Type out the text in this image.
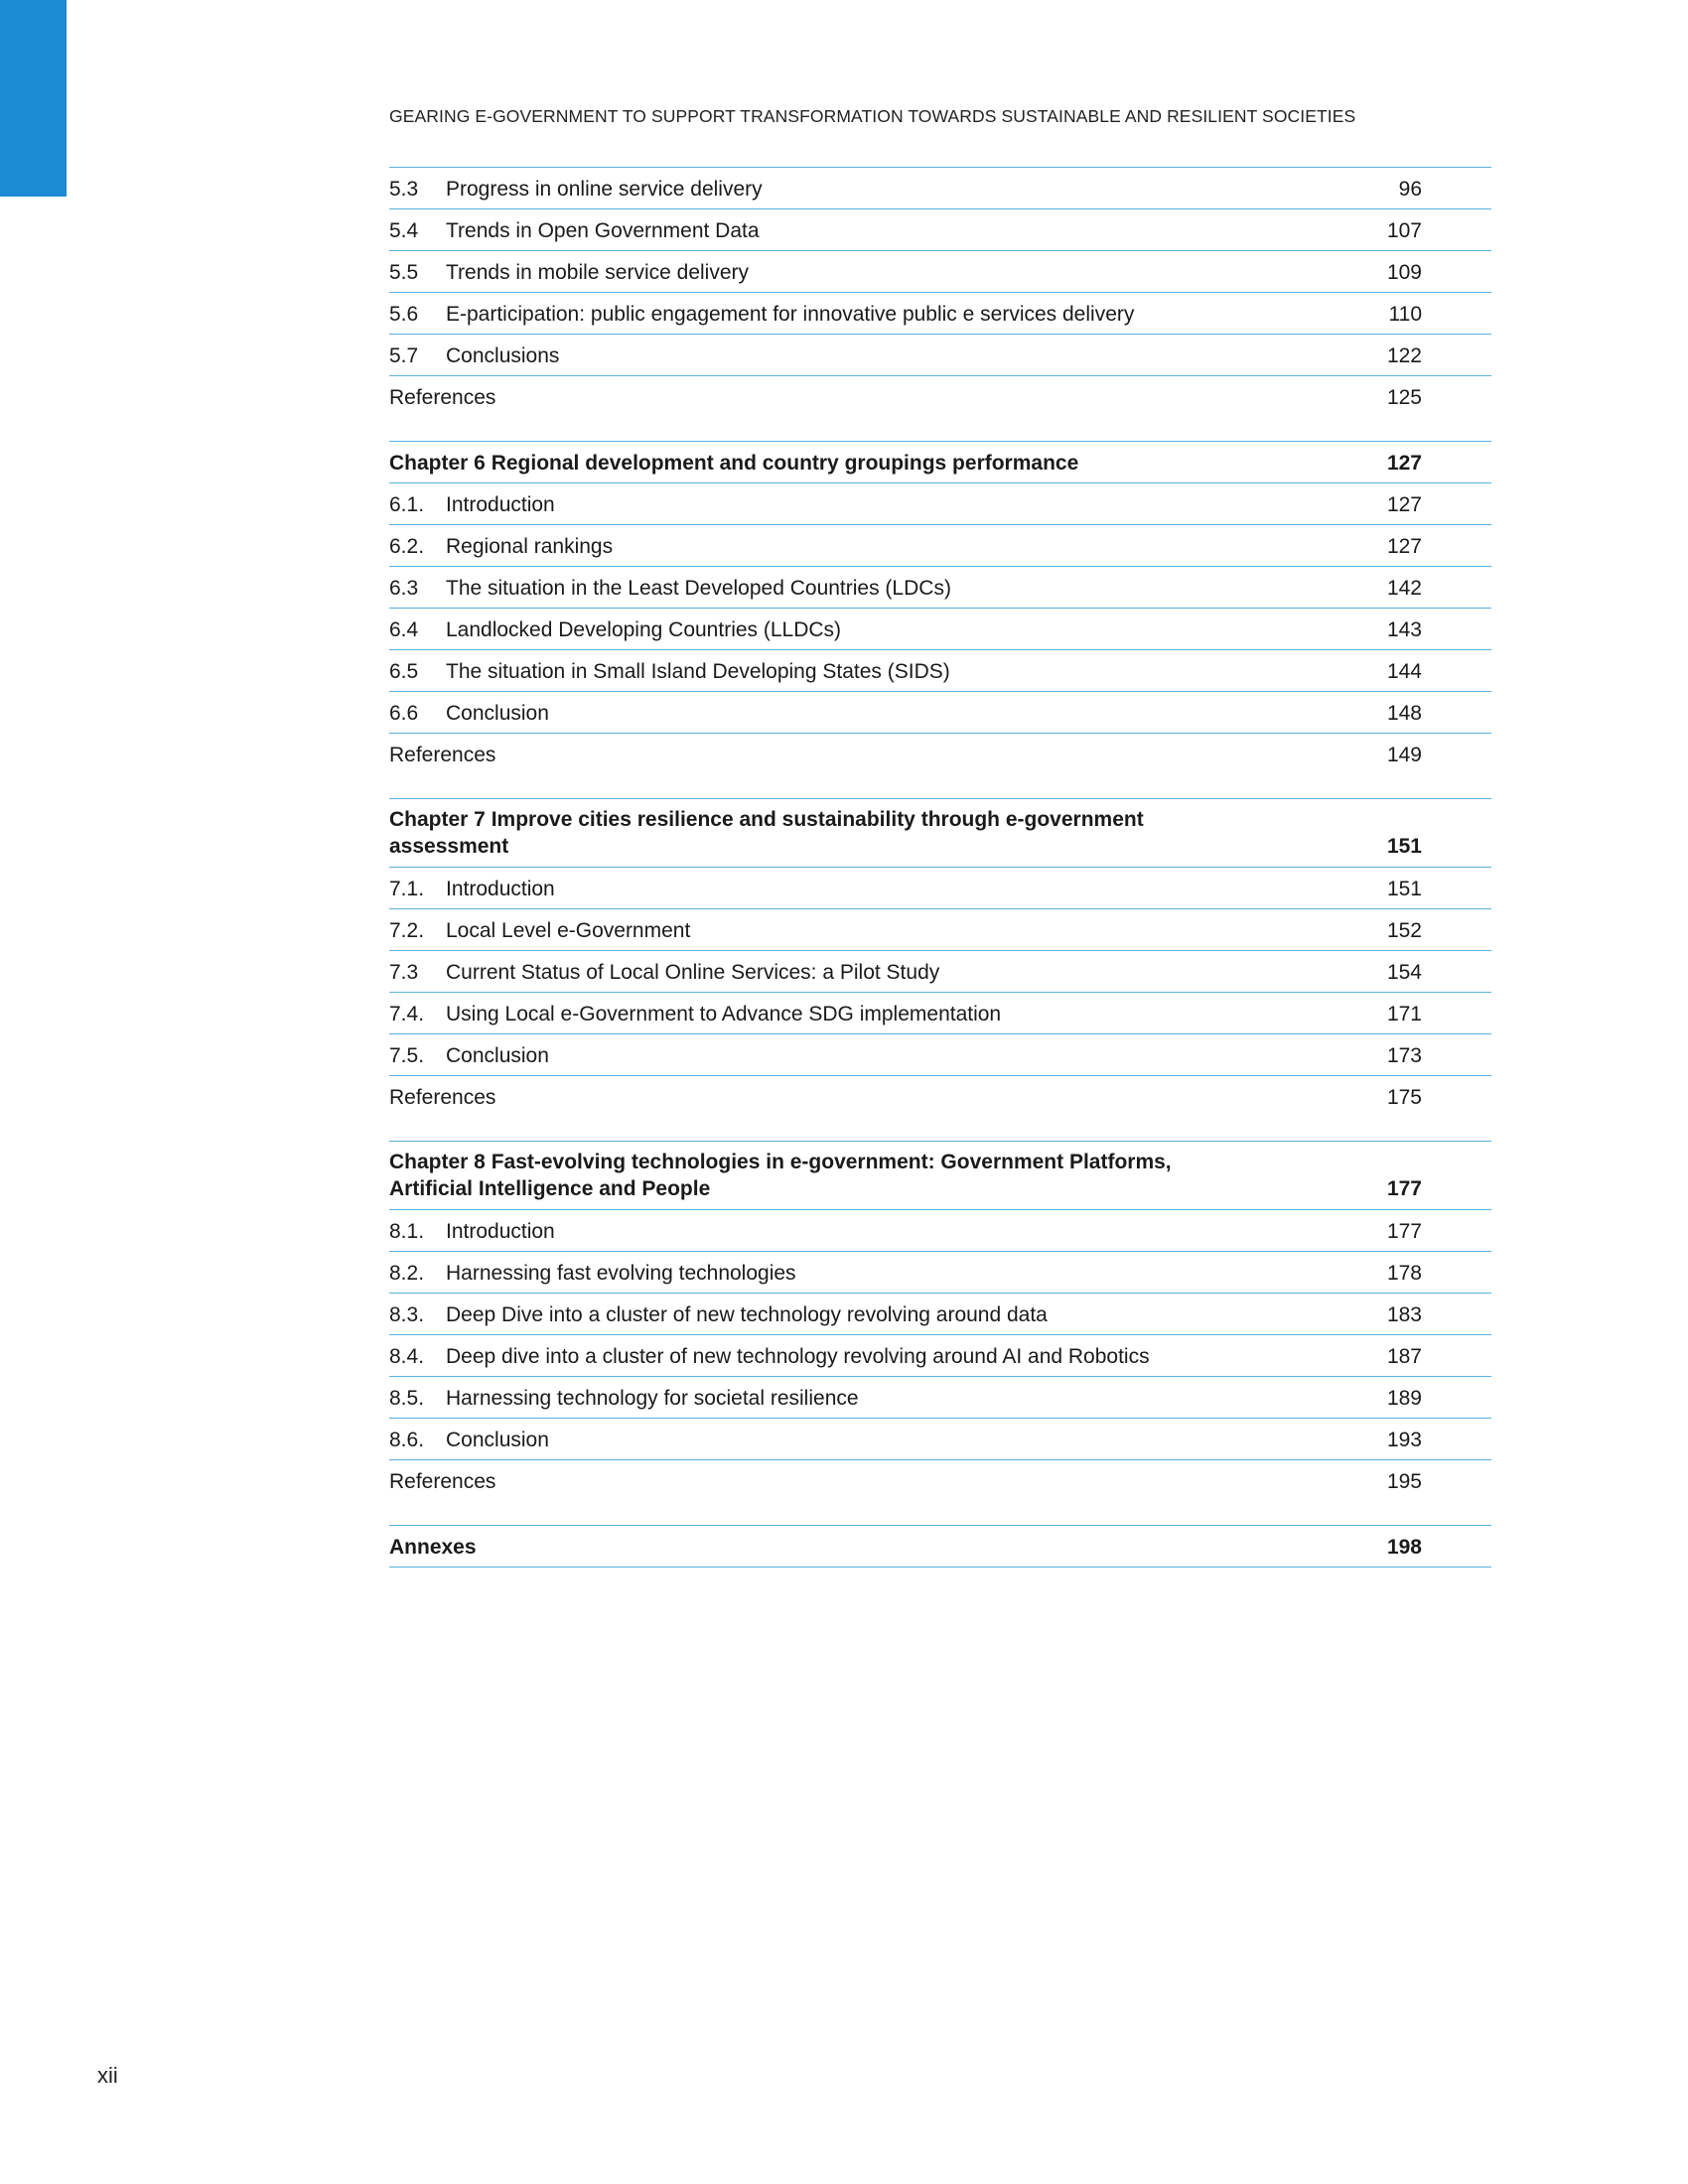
GEARING E-GOVERNMENT TO SUPPORT TRANSFORMATION TOWARDS SUSTAINABLE AND RESILIENT SOCIETIES
5.3	Progress in online service delivery	96
5.4	Trends in Open Government Data	107
5.5	Trends in mobile service delivery	109
5.6	E-participation: public engagement for innovative public e services delivery	110
5.7	Conclusions	122
References	125
Chapter 6 Regional development and country groupings performance	127
6.1.	Introduction	127
6.2.	Regional rankings	127
6.3	The situation in the Least Developed Countries (LDCs)	142
6.4	Landlocked Developing Countries (LLDCs)	143
6.5	The situation in Small Island Developing States (SIDS)	144
6.6	Conclusion	148
References	149
Chapter 7 Improve cities resilience and sustainability through e-government
assessment	151
7.1.	Introduction	151
7.2.	Local Level e-Government	152
7.3	Current Status of Local Online Services: a Pilot Study	154
7.4.	Using Local e-Government to Advance SDG implementation	171
7.5.	Conclusion	173
References	175
Chapter 8 Fast-evolving technologies in e-government: Government Platforms,
Artificial Intelligence and People	177
8.1.	Introduction	177
8.2.	Harnessing fast evolving technologies	178
8.3.	Deep Dive into a cluster of new technology revolving around data	183
8.4.	Deep dive into a cluster of new technology revolving around AI and Robotics	187
8.5.	Harnessing technology for societal resilience	189
8.6.	Conclusion	193
References	195
Annexes	198
xii
